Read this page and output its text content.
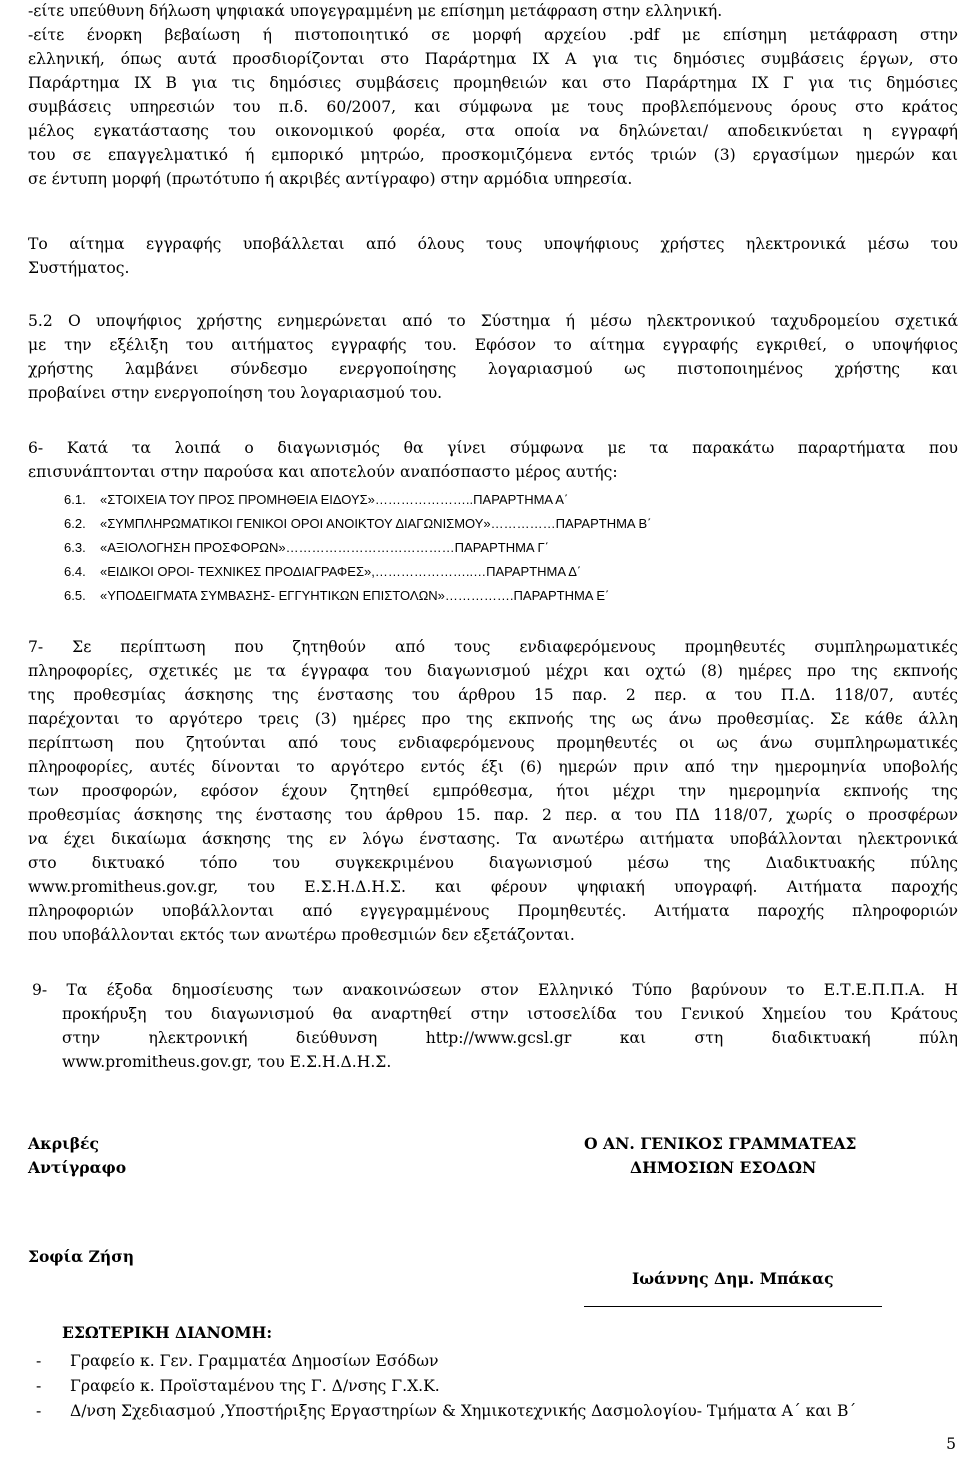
-είτε υπεύθυνη δήλωση ψηφιακά υπογεγραμμένη με επίσημη μετάφραση στην ελληνική.
-είτε ένορκη βεβαίωση ή πιστοποιητικό σε μορφή αρχείου .pdf με επίσημη μετάφραση στην
ελληνική, όπως αυτά προσδιορίζονται στο Παράρτημα ΙΧ Α για τις δημόσιες συμβάσεις έργων, στο
Παράρτημα ΙΧ Β για τις δημόσιες συμβάσεις προμηθειών και στο Παράρτημα ΙΧ Γ για τις δημόσιες
συμβάσεις υπηρεσιών του π.δ. 60/2007, και σύμφωνα με τους προβλεπόμενους όρους στο κράτος
μέλος εγκατάστασης του οικονομικού φορέα, στα οποία να δηλώνεται/ αποδεικνύεται η εγγραφή
του σε επαγγελματικό ή εμπορικό μητρώο, προσκομιζόμενα εντός τριών (3) εργασίμων ημερών και
σε έντυπη μορφή (πρωτότυπο ή ακριβές αντίγραφο) στην αρμόδια υπηρεσία.
Το αίτημα εγγραφής υποβάλλεται από όλους τους υποψήφιους χρήστες ηλεκτρονικά μέσω του
Συστήματος.
5.2 Ο υποψήφιος χρήστης ενημερώνεται από το Σύστημα ή μέσω ηλεκτρονικού ταχυδρομείου σχετικά
με την εξέλιξη του αιτήματος εγγραφής του. Εφόσον το αίτημα εγγραφής εγκριθεί, ο υποψήφιος
χρήστης λαμβάνει σύνδεσμο ενεργοποίησης λογαριασμού ως πιστοποιημένος χρήστης και
προβαίνει στην ενεργοποίηση του λογαριασμού του.
6- Κατά τα λοιπά ο διαγωνισμός θα γίνει σύμφωνα με τα παρακάτω παραρτήματα που
επισυνάπτονται στην παρούσα και αποτελούν αναπόσπαστο μέρος αυτής:
6.1. «ΣΤΟΙΧΕΙΑ ΤΟΥ ΠΡΟΣ ΠΡΟΜΗΘΕΙΑ ΕΙΔΟΥΣ»…………………..ΠΑΡΑΡΤΗΜΑ Α΄
6.2. «ΣΥΜΠΛΗΡΩΜΑΤΙΚΟΙ ΓΕΝΙΚΟΙ ΟΡΟΙ ΑΝΟΙΚΤΟΥ ΔΙΑΓΩΝΙΣΜΟΥ»……………ΠΑΡΑΡΤΗΜΑ Β΄
6.3. «ΑΞΙΟΛΟΓΗΣΗ ΠΡΟΣΦΟΡΩΝ»…………………………………ΠΑΡΑΡΤΗΜΑ Γ΄
6.4. «ΕΙΔΙΚΟΙ ΟΡΟΙ- ΤΕΧΝΙΚΕΣ ΠΡΟΔΙΑΓΡΑΦΕΣ»,…………………..…ΠΑΡΑΡΤΗΜΑ Δ΄
6.5. «ΥΠΟΔΕΙΓΜΑΤΑ ΣΥΜΒΑΣΗΣ- ΕΓΓΥΗΤΙΚΩΝ ΕΠΙΣΤΟΛΩΝ»…………….ΠΑΡΑΡΤΗΜΑ Ε΄
7- Σε περίπτωση που ζητηθούν από τους ενδιαφερόμενους προμηθευτές συμπληρωματικές
πληροφορίες, σχετικές με τα έγγραφα του διαγωνισμού μέχρι και οχτώ (8) ημέρες προ της εκπνοής
της προθεσμίας άσκησης της ένστασης του άρθρου 15 παρ. 2 περ. α του Π.Δ. 118/07, αυτές
παρέχονται το αργότερο τρεις (3) ημέρες προ της εκπνοής της ως άνω προθεσμίας. Σε κάθε άλλη
περίπτωση που ζητούνται από τους ενδιαφερόμενους προμηθευτές οι ως άνω συμπληρωματικές
πληροφορίες, αυτές δίνονται το αργότερο εντός έξι (6) ημερών πριν από την ημερομηνία υποβολής
των προσφορών, εφόσον έχουν ζητηθεί εμπρόθεσμα, ήτοι μέχρι την ημερομηνία εκπνοής της
προθεσμίας άσκησης της ένστασης του άρθρου 15. παρ. 2 περ. α του ΠΔ 118/07, χωρίς ο προσφέρων
να έχει δικαίωμα άσκησης της εν λόγω ένστασης. Τα ανωτέρω αιτήματα υποβάλλονται ηλεκτρονικά
στο δικτυακό τόπο του συγκεκριμένου διαγωνισμού μέσω της Διαδικτυακής πύλης
www.promitheus.gov.gr, του Ε.Σ.Η.Δ.Η.Σ. και φέρουν ψηφιακή υπογραφή. Αιτήματα παροχής
πληροφοριών υποβάλλονται από εγγεγραμμένους Προμηθευτές. Αιτήματα παροχής πληροφοριών
που υποβάλλονται εκτός των ανωτέρω προθεσμιών δεν εξετάζονται.
9- Τα έξοδα δημοσίευσης των ανακοινώσεων στον Ελληνικό Τύπο βαρύνουν το Ε.Τ.Ε.Π.Π.Α. Η
προκήρυξη του διαγωνισμού θα αναρτηθεί στην ιστοσελίδα του Γενικού Χημείου του Κράτους
στην ηλεκτρονική διεύθυνση http://www.gcsl.gr και στη διαδικτυακή πύλη
www.promitheus.gov.gr, του Ε.Σ.Η.Δ.Η.Σ.
Ακριβές
Αντίγραφο
Ο ΑΝ. ΓΕΝΙΚΟΣ ΓΡΑΜΜΑΤΕΑΣ
ΔΗΜΟΣΙΩΝ ΕΣΟΔΩΝ
Σοφία Ζήση
Ιωάννης Δημ. Μπάκας
ΕΣΩΤΕΡΙΚΗ ΔΙΑΝΟΜΗ:
- Γραφείο κ. Γεν. Γραμματέα Δημοσίων Εσόδων
- Γραφείο κ. Προϊσταμένου της Γ. Δ/νσης Γ.Χ.Κ.
- Δ/νση Σχεδιασμού ,Υποστήριξης Εργαστηρίων & Χημικοτεχνικής Δασμολογίου- Τμήματα Α΄ και Β΄
5
